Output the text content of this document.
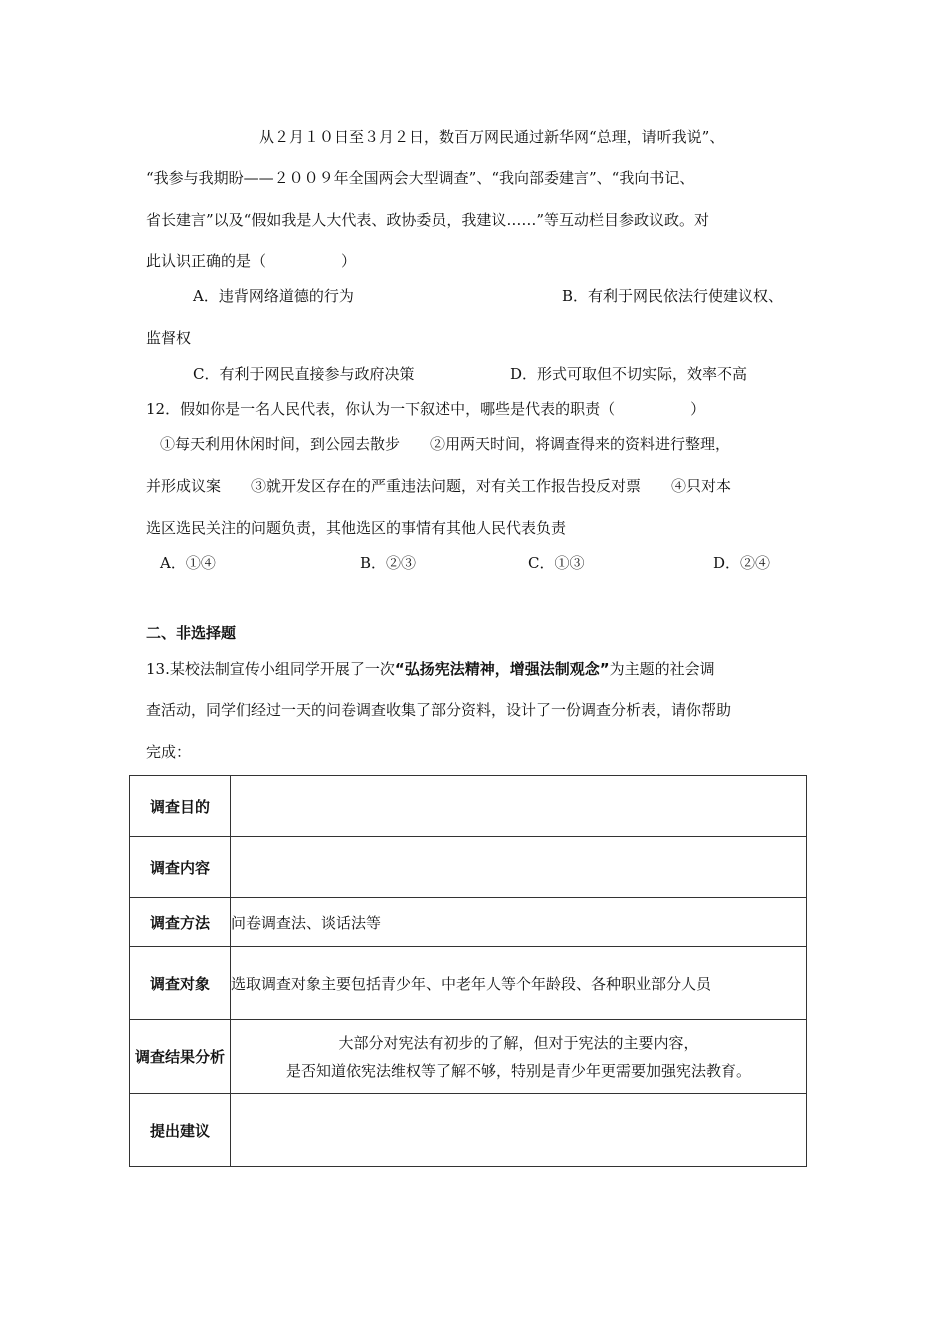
从２月１０日至３月２日，数百万网民通过新华网“总理，请听我说”、
“我参与我期盼——２００９年全国两会大型调查”、“我向部委建言”、“我向书记、
省长建言”以及“假如我是人大代表、政协委员，我建议……”等互动栏目参政议政。对
此认识正确的是（　　　　　）
A．违背网络道德的行为	B．有利于网民依法行使建议权、
监督权
C．有利于网民直接参与政府决策	D．形式可取但不切实际，效率不高
12．假如你是一名人民代表，你认为一下叙述中，哪些是代表的职责（　　　　　）
①每天利用休闲时间，到公园去散步　　②用两天时间，将调查得来的资料进行整理，
并形成议案　　③就开发区存在的严重违法问题，对有关工作报告投反对票　　④只对本
选区选民关注的问题负责，其他选区的事情有其他人民代表负责
A．①④	B．②③	C．①③	D．②④
二、非选择题
13.某校法制宣传小组同学开展了一次“弘扬宪法精神，增强法制观念”为主题的社会调
查活动，同学们经过一天的问卷调查收集了部分资料，设计了一份调查分析表，请你帮助
完成：
调查目的	
调查内容	
调查方法	问卷调查法、谈话法等
调查对象	选取调查对象主要包括青少年、中老年人等个年龄段、各种职业部分人员
调查结果分析	大部分对宪法有初步的了解，但对于宪法的主要内容，
是否知道依宪法维权等了解不够，特别是青少年更需要加强宪法教育。

提出建议	
